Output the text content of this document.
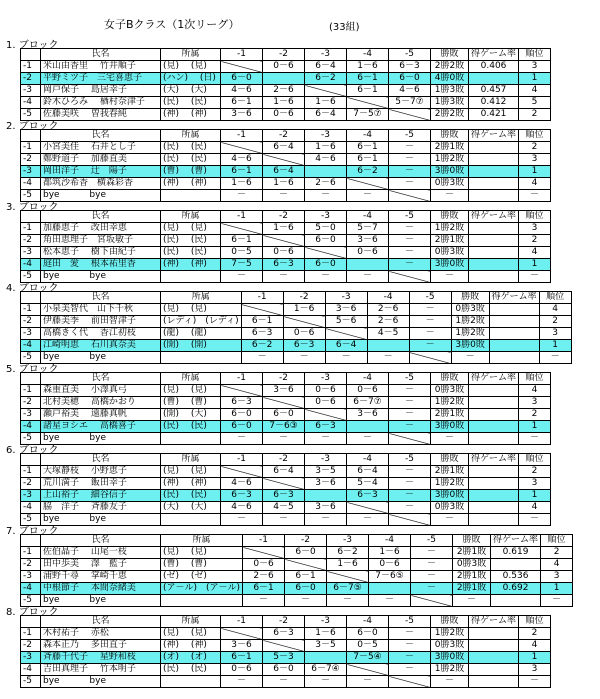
女子Bクラス（1次リーグ）	(33組)
1. ブロック
	氏名	所属	-1	-2	-3	-4	-5	勝敗	得ゲーム率	順位
-1	米山由香里　 竹井順子	(見)　 (見)		0－6	6－4	1－6	6－3	2勝2敗	0.406	3
-2	平野ミツ子　三宅喜恵子	(ハン)　 (日)	6－0		6－2	6－1	6－0	4勝0敗		1
-3	岡戸保子　 島居幸子	(大)　 (大)	4－6	2－6		6－1	4－6	1勝3敗	0.457	4
-4	鈴木ひろみ　 楢村奈津子	(民)　 (民)	6－1	1－6	1－6		5－7⑦	1勝3敗	0.412	5
-5	佐藤美咲　 曽我春純	(神)　 (神)	3－6	0－6	6－4	7－5⑦		2勝2敗	0.421	2
2. ブロック
	氏名	所属	-1	-2	-3	-4	-5	勝敗	得ゲーム率	順位
-1	小宮美佳　 石井とし子	(民)　 (民)		6－4	1－6	6－1	－	2勝1敗		2
-2	鄭野道子　 加藤直美	(民)　 (民)	4－6		4－6	6－1	－	1勝2敗		3
-3	岡田洋子　 辻　陽子	(曹)　 (曹)	6－1	6－4		6－2	－	3勝0敗		1
-4	都筑沙希香　横森彩香	(神)　 (神)	1－6	1－6	2－6		－	0勝3敗		4
-5	bye　　　 bye		－	－	－	－		－		－
3. ブロック
	氏名	所属	-1	-2	-3	-4	-5	勝敗	得ゲーム率	順位
-1	加藤恵子　 改田幸恵	(見)　 (見)		1－6	5－0	5－7	－	1勝2敗		3
-2	角田恵理子　宮坂敏子	(民)　 (民)	6－1		6－0	3－6	－	2勝1敗		2
-3	松本恵子　 樹下由紀子	(民)　 (民)	0－5	0－6		0－6	－	0勝3敗		4
-4	庭田　愛　 根本祐里香	(神)　 (神)	7－5	6－3	6－0		－	3勝0敗		1
-5	bye　　　 bye		－	－	－	－		－		－
4. ブロック
	氏名	所属	-1	-2	-3	-4	-5	勝敗	得ゲーム率	順位
-1	小泉美智代　山下千秋	(見)　 (見)		1－6	3－6	2－6	－	0勝3敗		4
-2	伊藤美季　 前田智津子	(レディ)　(レディ)	6－1		5－6	2－6	－	1勝2敗		2
-3	高橋きく代　 香江初枝	(龍)　 (龍)	6－3	0－6		4－5	－	1勝2敗		3
-4	江崎明恵　 石川真奈美	(開)　 (開)	6－2	6－3	6－4		－	3勝0敗		1
-5	bye　　　 bye		－	－	－	－		－		－
5. ブロック
	氏名	所属	-1	-2	-3	-4	-5	勝敗	得ゲーム率	順位
-1	森重直美　 小澤真弓	(見)　 (見)		3－6	0－6	0－6	－	0勝3敗		4
-2	北村美穂　 高橋かおり	(曹)　 (曹)	6－3		0－6	6－7⑦	－	1勝2敗		3
-3	瀬戸裕美　 遠藤真帆	(開)　 (大)	6－0	6－0		3－6	－	2勝1敗		2
-4	諸星ヨシエ　 高橋喜子	(民)　 (民)	6－0	7－6③	6－3		－	3勝0敗		1
-5	bye　　　 bye		－	－	－	－		－		－
6. ブロック
	氏名	所属	-1	-2	-3	-4	-5	勝敗	得ゲーム率	順位
-1	大塚静枝　 小野恵子	(見)　 (見)		6－4	3－5	6－4	－	2勝1敗		2
-2	荒川満子　 飯田幸子	(神)　 (神)	4－6		3－6	5－4	－	1勝2敗		3
-3	上山裕子　 細谷信子	(民)　 (民)	6－3	6－3		6－3	－	3勝0敗		1
-4	脇　洋子　 斉藤友子	(大)　 (大)	4－6	4－5	3－6		－	0勝3敗		4
-5	bye　　　 bye		－	－	－	－		－		－
7. ブロック
	氏名	所属	-1	-2	-3	-4	-5	勝敗	得ゲーム率	順位
-1	佐伯晶子　 山尾一枝	(見)　 (見)		6－0	6－2	1－6	－	2勝1敗	0.619	2
-2	田中歩美　 澤　藍子	(曹)　 (曹)	0－6		1－6	0－6	－	0勝3敗		4
-3	浦野千尋　 掌崎千恵	(ゼ)　 (ゼ)	2－6	6－1		7－6⑤	－	2勝1敗	0.536	3
-4	中根節子　 本間奈緒美	(ア－ル)　(ア－ル)	6－1	6－0	6－7⑤		－	2勝1敗	0.692	1
-5	bye　　　 bye		－	－	－	－		－		－
8. ブロック
	氏名	所属	-1	-2	-3	-4	-5	勝敗	得ゲーム率	順位
-1	木村祐子　 赤松	(見)　 (見)		6－3	1－6	6－0	－	1勝2敗		2
-2	森本正乃　 多田直子	(神)　 (神)	3－6		3－5	0－5	－	0勝3敗		4
-3	斉藤千代子　 星野和枝	(オ)　 (オ)	6－1	5－3		7－5④	－	3勝0敗		1
-4	吉田真理子　 竹本明子	(民)　 (民)	0－6	6－0	6－7④		－	1勝2敗		3
-5	bye　　　 bye		－	－	－	－		－		－
